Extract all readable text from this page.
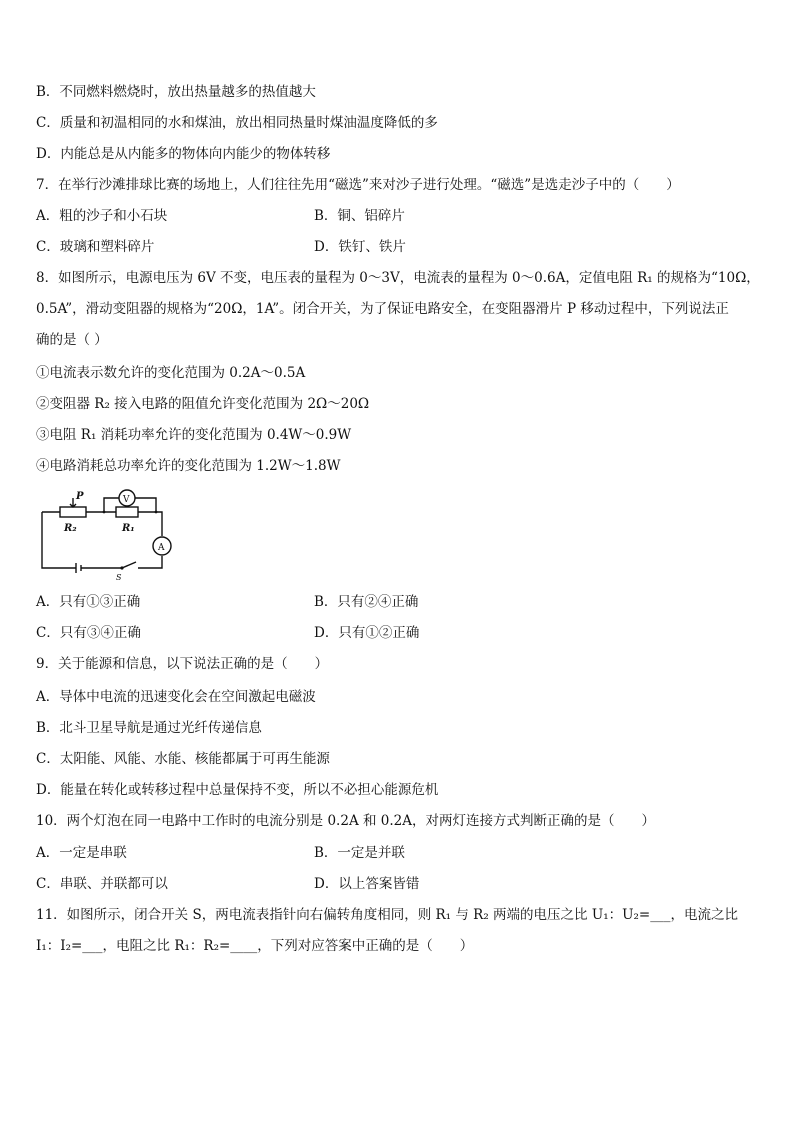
B．不同燃料燃烧时，放出热量越多的热值越大
C．质量和初温相同的水和煤油，放出相同热量时煤油温度降低的多
D．内能总是从内能多的物体向内能少的物体转移
7．在举行沙滩排球比赛的场地上，人们往往先用“磁选”来对沙子进行处理。“磁选”是选走沙子中的（　　）
A．粗的沙子和小石块	B．铜、铝碎片
C．玻璃和塑料碎片	D．铁钉、铁片
8．如图所示，电源电压为 6V 不变，电压表的量程为 0～3V，电流表的量程为 0～0.6A，定值电阻 R₁ 的规格为“10Ω，
0.5A”，滑动变阻器的规格为“20Ω，1A”。闭合开关，为了保证电路安全，在变阻器滑片 P 移动过程中，下列说法正
确的是（ ）
①电流表示数允许的变化范围为 0.2A～0.5A
②变阻器 R₂ 接入电路的阻值允许变化范围为 2Ω～20Ω
③电阻 R₁ 消耗功率允许的变化范围为 0.4W～0.9W
④电路消耗总功率允许的变化范围为 1.2W～1.8W
P
R₂	R₁
V
A
S
A．只有①③正确	B．只有②④正确
C．只有③④正确	D．只有①②正确
9．关于能源和信息，以下说法正确的是（　　）
A．导体中电流的迅速变化会在空间激起电磁波
B．北斗卫星导航是通过光纤传递信息
C．太阳能、风能、水能、核能都属于可再生能源
D．能量在转化或转移过程中总量保持不变，所以不必担心能源危机
10．两个灯泡在同一电路中工作时的电流分别是 0.2A 和 0.2A，对两灯连接方式判断正确的是（　　）
A．一定是串联	B．一定是并联
C．串联、并联都可以	D．以上答案皆错
11．如图所示，闭合开关 S，两电流表指针向右偏转角度相同，则 R₁ 与 R₂ 两端的电压之比 U₁：U₂=___，电流之比
I₁：I₂=___，电阻之比 R₁：R₂=____，下列对应答案中正确的是（　　）
